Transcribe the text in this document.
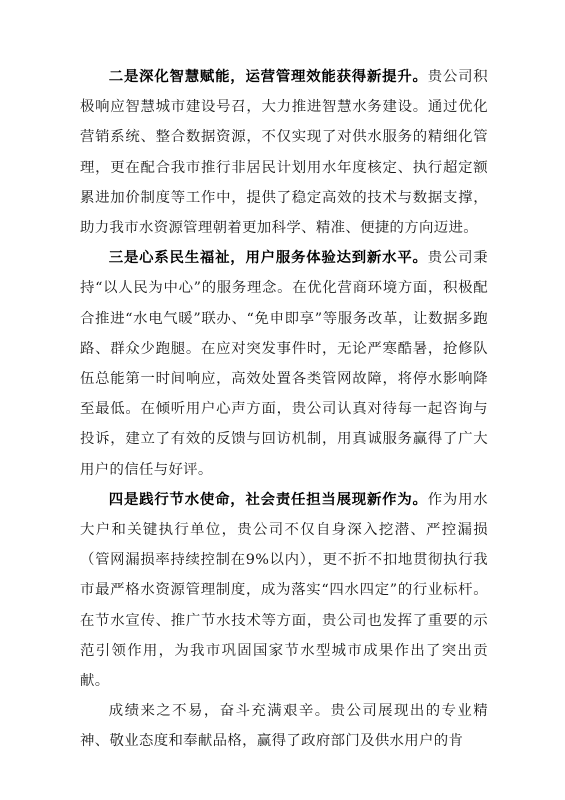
二是深化智慧赋能，运营管理效能获得新提升。贵公司积极响应智慧城市建设号召，大力推进智慧水务建设。通过优化营销系统、整合数据资源，不仅实现了对供水服务的精细化管理，更在配合我市推行非居民计划用水年度核定、执行超定额累进加价制度等工作中，提供了稳定高效的技术与数据支撑，助力我市水资源管理朝着更加科学、精准、便捷的方向迈进。

三是心系民生福祉，用户服务体验达到新水平。贵公司秉持“以人民为中心”的服务理念。在优化营商环境方面，积极配合推进“水电气暖”联办、“免申即享”等服务改革，让数据多跑路、群众少跑腿。在应对突发事件时，无论严寒酷暑，抢修队伍总能第一时间响应，高效处置各类管网故障，将停水影响降至最低。在倾听用户心声方面，贵公司认真对待每一起咨询与投诉，建立了有效的反馈与回访机制，用真诚服务赢得了广大用户的信任与好评。

四是践行节水使命，社会责任担当展现新作为。作为用水大户和关键执行单位，贵公司不仅自身深入挖潜、严控漏损（管网漏损率持续控制在9%以内），更不折不扣地贯彻执行我市最严格水资源管理制度，成为落实“四水四定”的行业标杆。在节水宣传、推广节水技术等方面，贵公司也发挥了重要的示范引领作用，为我市巩固国家节水型城市成果作出了突出贡献。

成绩来之不易，奋斗充满艰辛。贵公司展现出的专业精神、敬业态度和奉献品格，赢得了政府部门及供水用户的肯
